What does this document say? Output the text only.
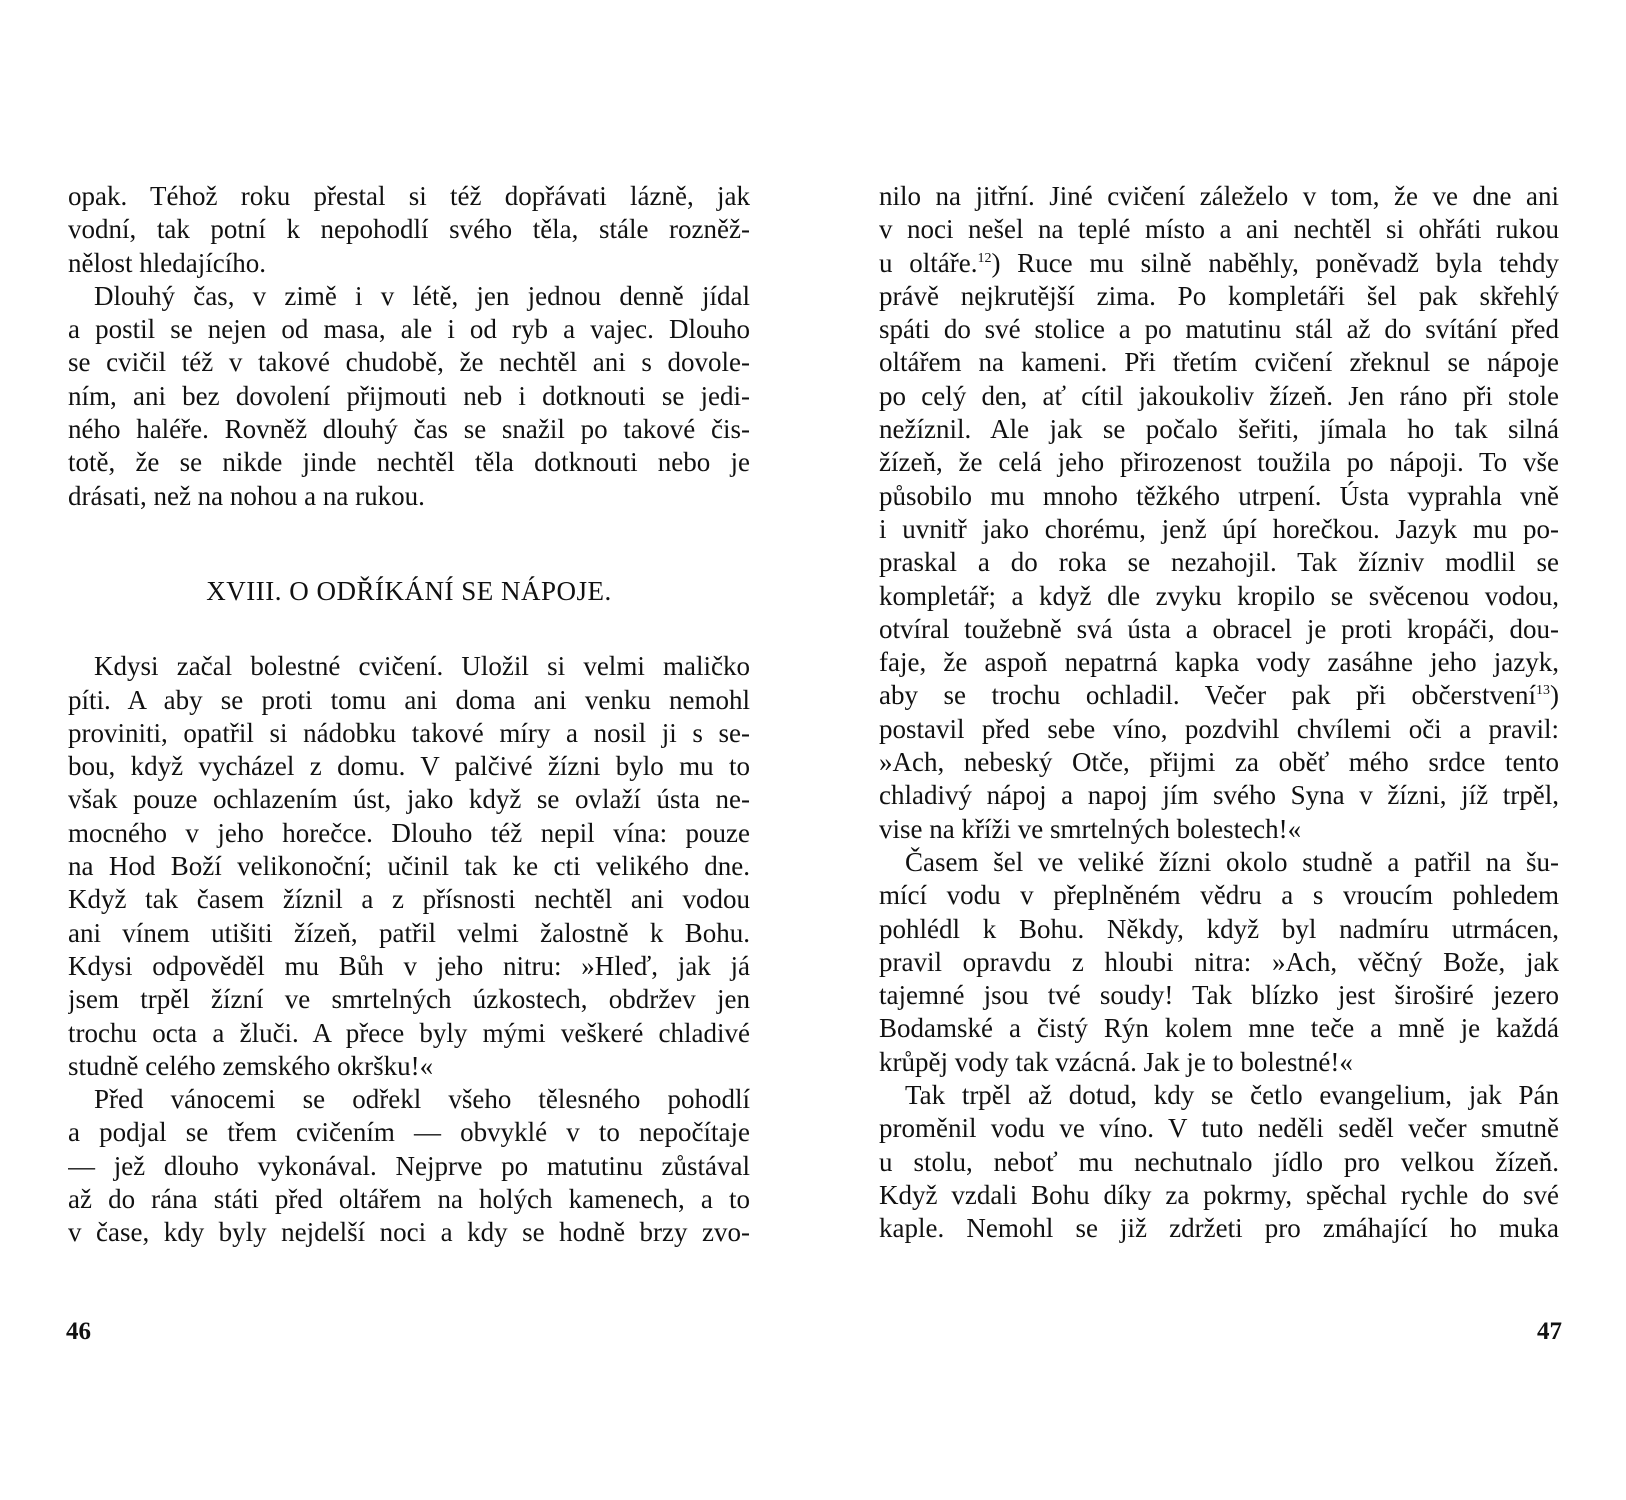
opak. Téhož roku přestal si též dopřávati lázně, jak
vodní, tak potní k nepohodlí svého těla, stále rozněž-
nělost hledajícího.
Dlouhý čas, v zimě i v létě, jen jednou denně jídal
a postil se nejen od masa, ale i od ryb a vajec. Dlouho
se cvičil též v takové chudobě, že nechtěl ani s dovole-
ním, ani bez dovolení přijmouti neb i dotknouti se jedi-
ného haléře. Rovněž dlouhý čas se snažil po takové čis-
totě, že se nikde jinde nechtěl těla dotknouti nebo je
drásati, než na nohou a na rukou.
XVIII. O ODŘÍKÁNÍ SE NÁPOJE.
Kdysi začal bolestné cvičení. Uložil si velmi maličko
píti. A aby se proti tomu ani doma ani venku nemohl
proviniti, opatřil si nádobku takové míry a nosil ji s se-
bou, když vycházel z domu. V palčivé žízni bylo mu to
však pouze ochlazením úst, jako když se ovlaží ústa ne-
mocného v jeho horečce. Dlouho též nepil vína: pouze
na Hod Boží velikonoční; učinil tak ke cti velikého dne.
Když tak časem žíznil a z přísnosti nechtěl ani vodou
ani vínem utišiti žízeň, patřil velmi žalostně k Bohu.
Kdysi odpověděl mu Bůh v jeho nitru: »Hleď, jak já
jsem trpěl žízní ve smrtelných úzkostech, obdržev jen
trochu octa a žluči. A přece byly mými veškeré chladivé
studně celého zemského okršku!«
Před vánocemi se odřekl všeho tělesného pohodlí
a podjal se třem cvičením — obvyklé v to nepočítaje
— jež dlouho vykonával. Nejprve po matutinu zůstával
až do rána státi před oltářem na holých kamenech, a to
v čase, kdy byly nejdelší noci a kdy se hodně brzy zvo-
46
nilo na jitřní. Jiné cvičení záleželo v tom, že ve dne ani
v noci nešel na teplé místo a ani nechtěl si ohřáti rukou
u oltáře.$^{12}$) Ruce mu silně naběhly, poněvadž byla tehdy
právě nejkrutější zima. Po kompletáři šel pak skřehlý
spáti do své stolice a po matutinu stál až do svítání před
oltářem na kameni. Při třetím cvičení zřeknul se nápoje
po celý den, ať cítil jakoukoliv žízeň. Jen ráno při stole
nežíznil. Ale jak se počalo šeřiti, jímala ho tak silná
žízeň, že celá jeho přirozenost toužila po nápoji. To vše
působilo mu mnoho těžkého utrpení. Ústa vyprahla vně
i uvnitř jako chorému, jenž úpí horečkou. Jazyk mu po-
praskal a do roka se nezahojil. Tak žízniv modlil se
kompletář; a když dle zvyku kropilo se svěcenou vodou,
otvíral toužebně svá ústa a obracel je proti kropáči, dou-
faje, že aspoň nepatrná kapka vody zasáhne jeho jazyk,
aby se trochu ochladil. Večer pak při občerstvení$^{13}$)
postavil před sebe víno, pozdvihl chvílemi oči a pravil:
»Ach, nebeský Otče, přijmi za oběť mého srdce tento
chladivý nápoj a napoj jím svého Syna v žízni, jíž trpěl,
visе na kříži ve smrtelných bolestech!«
Časem šel ve veliké žízni okolo studně a patřil na šu-
mící vodu v přeplněném vědru a s vroucím pohledem
pohlédl k Bohu. Někdy, když byl nadmíru utrmácen,
pravil opravdu z hloubi nitra: »Ach, věčný Bože, jak
tajemné jsou tvé soudy! Tak blízko jest široširé jezero
Bodamské a čistý Rýn kolem mne teče a mně je každá
krůpěj vody tak vzácná. Jak je to bolestné!«
Tak trpěl až dotud, kdy se četlo evangelium, jak Pán
proměnil vodu ve víno. V tuto neděli seděl večer smutně
u stolu, neboť mu nechutnalo jídlo pro velkou žízeň.
Když vzdali Bohu díky za pokrmy, spěchal rychle do své
kaple. Nemohl se již zdržeti pro zmáhající ho muka
47
